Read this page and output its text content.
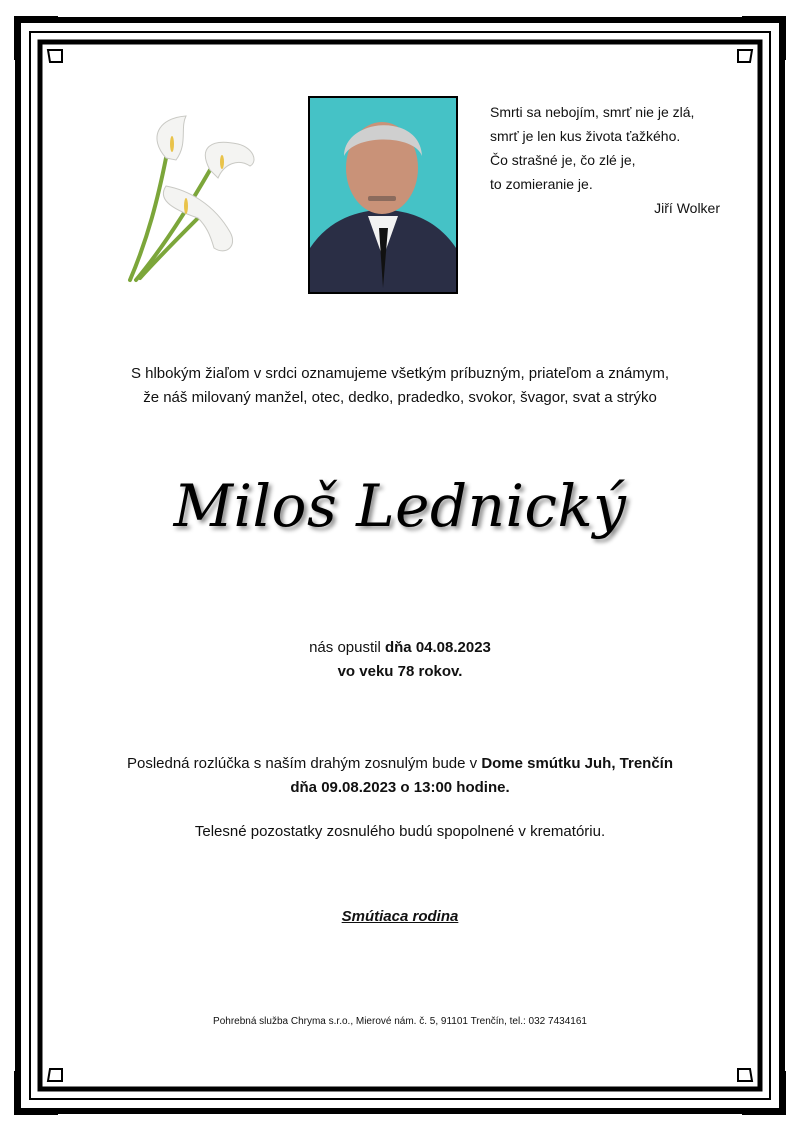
Smrti sa nebojím, smrť nie je zlá,
smrť je len kus života ťažkého.
Čo strašné je, čo zlé je,
to zomieranie je.
Jiří Wolker
S hlbokým žiaľom v srdci oznamujeme všetkým príbuzným, priateľom a známym,
že náš milovaný manžel, otec, dedko, pradedko, svokor, švagor, svat a strýko
Miloš Lednický
nás opustil dňa 04.08.2023
vo veku 78 rokov.
Posledná rozlúčka s naším drahým zosnulým bude v Dome smútku Juh, Trenčín
dňa 09.08.2023 o 13:00 hodine.
Telesné pozostatky zosnulého budú spopolnené v krematóriu.
Smútiaca rodina
Pohrebná služba Chryma s.r.o., Mierové nám. č. 5, 91101 Trenčín, tel.: 032 7434161
